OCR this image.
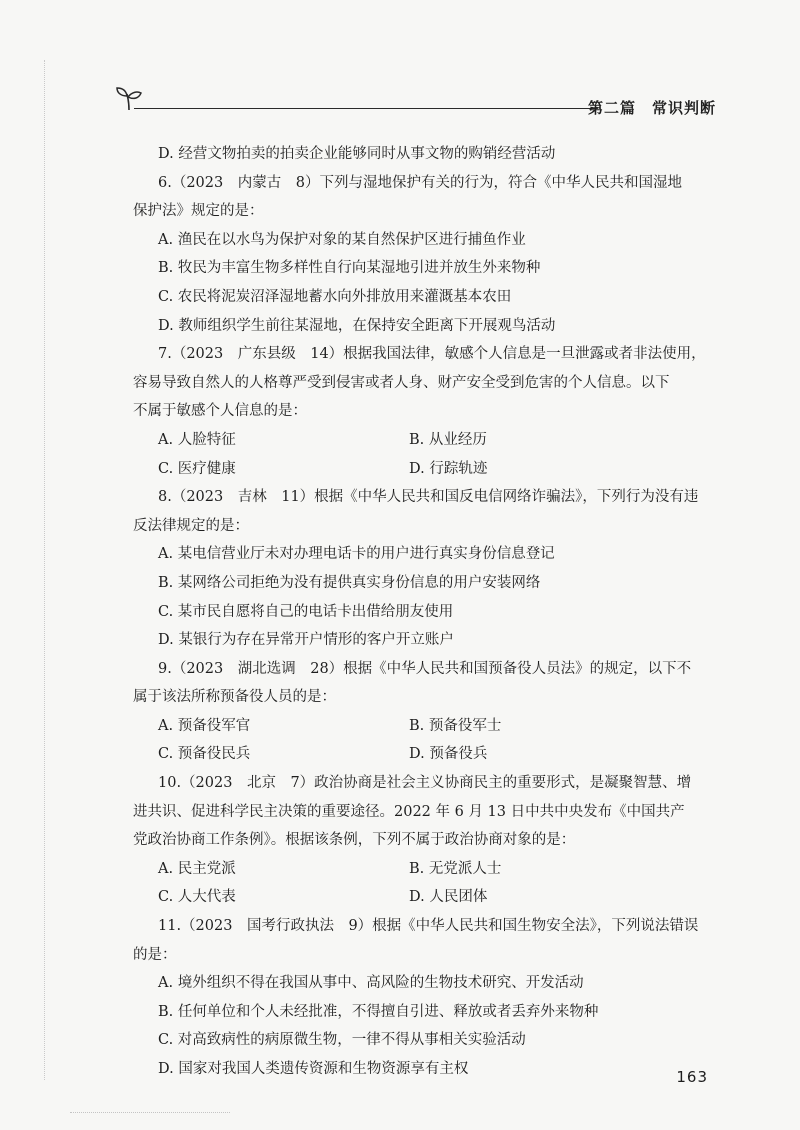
第二篇　常识判断

D. 经营文物拍卖的拍卖企业能够同时从事文物的购销经营活动

6.（2023　内蒙古　8）下列与湿地保护有关的行为，符合《中华人民共和国湿地

保护法》规定的是：

A. 渔民在以水鸟为保护对象的某自然保护区进行捕鱼作业

B. 牧民为丰富生物多样性自行向某湿地引进并放生外来物种

C. 农民将泥炭沼泽湿地蓄水向外排放用来灌溉基本农田

D. 教师组织学生前往某湿地，在保持安全距离下开展观鸟活动

7.（2023　广东县级　14）根据我国法律，敏感个人信息是一旦泄露或者非法使用，

容易导致自然人的人格尊严受到侵害或者人身、财产安全受到危害的个人信息。以下

不属于敏感个人信息的是：

A. 人脸特征	B. 从业经历

C. 医疗健康	D. 行踪轨迹

8.（2023　吉林　11）根据《中华人民共和国反电信网络诈骗法》，下列行为没有违

反法律规定的是：

A. 某电信营业厅未对办理电话卡的用户进行真实身份信息登记

B. 某网络公司拒绝为没有提供真实身份信息的用户安装网络

C. 某市民自愿将自己的电话卡出借给朋友使用

D. 某银行为存在异常开户情形的客户开立账户

9.（2023　湖北选调　28）根据《中华人民共和国预备役人员法》的规定，以下不

属于该法所称预备役人员的是：

A. 预备役军官	B. 预备役军士

C. 预备役民兵	D. 预备役兵

10.（2023　北京　7）政治协商是社会主义协商民主的重要形式，是凝聚智慧、增

进共识、促进科学民主决策的重要途径。2022 年 6 月 13 日中共中央发布《中国共产

党政治协商工作条例》。根据该条例，下列不属于政治协商对象的是：

A. 民主党派	B. 无党派人士

C. 人大代表	D. 人民团体

11.（2023　国考行政执法　9）根据《中华人民共和国生物安全法》，下列说法错误

的是：

A. 境外组织不得在我国从事中、高风险的生物技术研究、开发活动

B. 任何单位和个人未经批准，不得擅自引进、释放或者丢弃外来物种

C. 对高致病性的病原微生物，一律不得从事相关实验活动

D. 国家对我国人类遗传资源和生物资源享有主权	163
